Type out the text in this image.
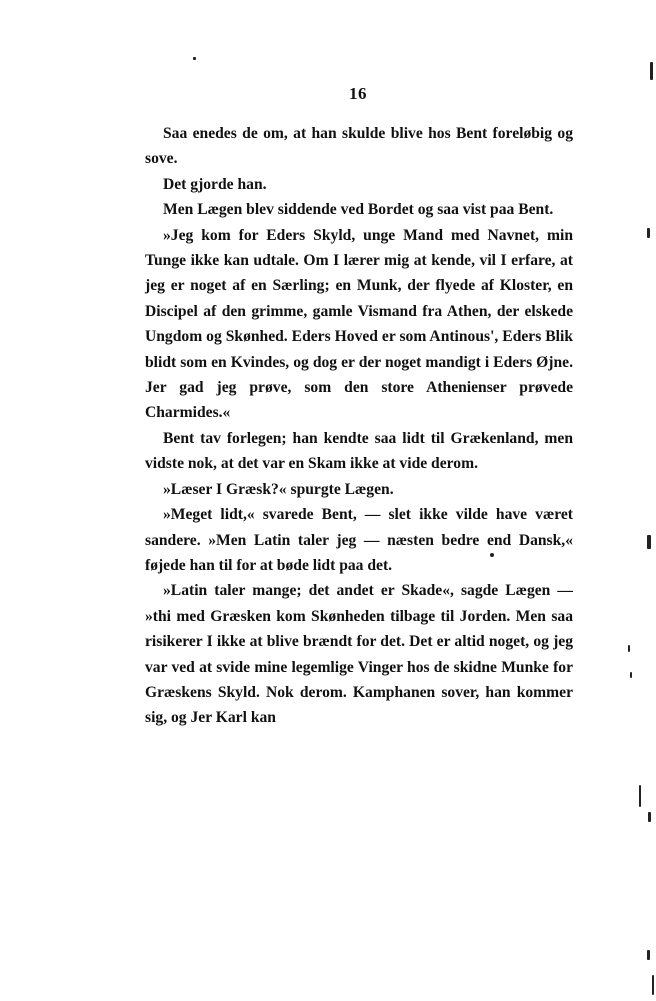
16

Saa enedes de om, at han skulde blive hos Bent foreløbig og sove.

Det gjorde han.

Men Lægen blev siddende ved Bordet og saa vist paa Bent.

»Jeg kom for Eders Skyld, unge Mand med Navnet, min Tunge ikke kan udtale. Om I lærer mig at kende, vil I erfare, at jeg er noget af en Særling; en Munk, der flyede af Kloster, en Discipel af den grimme, gamle Vismand fra Athen, der elskede Ungdom og Skønhed. Eders Hoved er som Antinous', Eders Blik blidt som en Kvindes, og dog er der noget mandigt i Eders Øjne. Jer gad jeg prøve, som den store Athenienser prøvede Charmides.«

Bent tav forlegen; han kendte saa lidt til Grækenland, men vidste nok, at det var en Skam ikke at vide derom.

»Læser I Græsk?« spurgte Lægen.

»Meget lidt,« svarede Bent, — slet ikke vilde have været sandere. »Men Latin taler jeg — næsten bedre end Dansk,« føjede han til for at bøde lidt paa det.

»Latin taler mange; det andet er Skade«, sagde Lægen — »thi med Græsken kom Skønheden tilbage til Jorden. Men saa risikerer I ikke at blive brændt for det. Det er altid noget, og jeg var ved at svide mine legemlige Vinger hos de skidne Munke for Græskens Skyld. Nok derom. Kamphanen sover, han kommer sig, og Jer Karl kan
